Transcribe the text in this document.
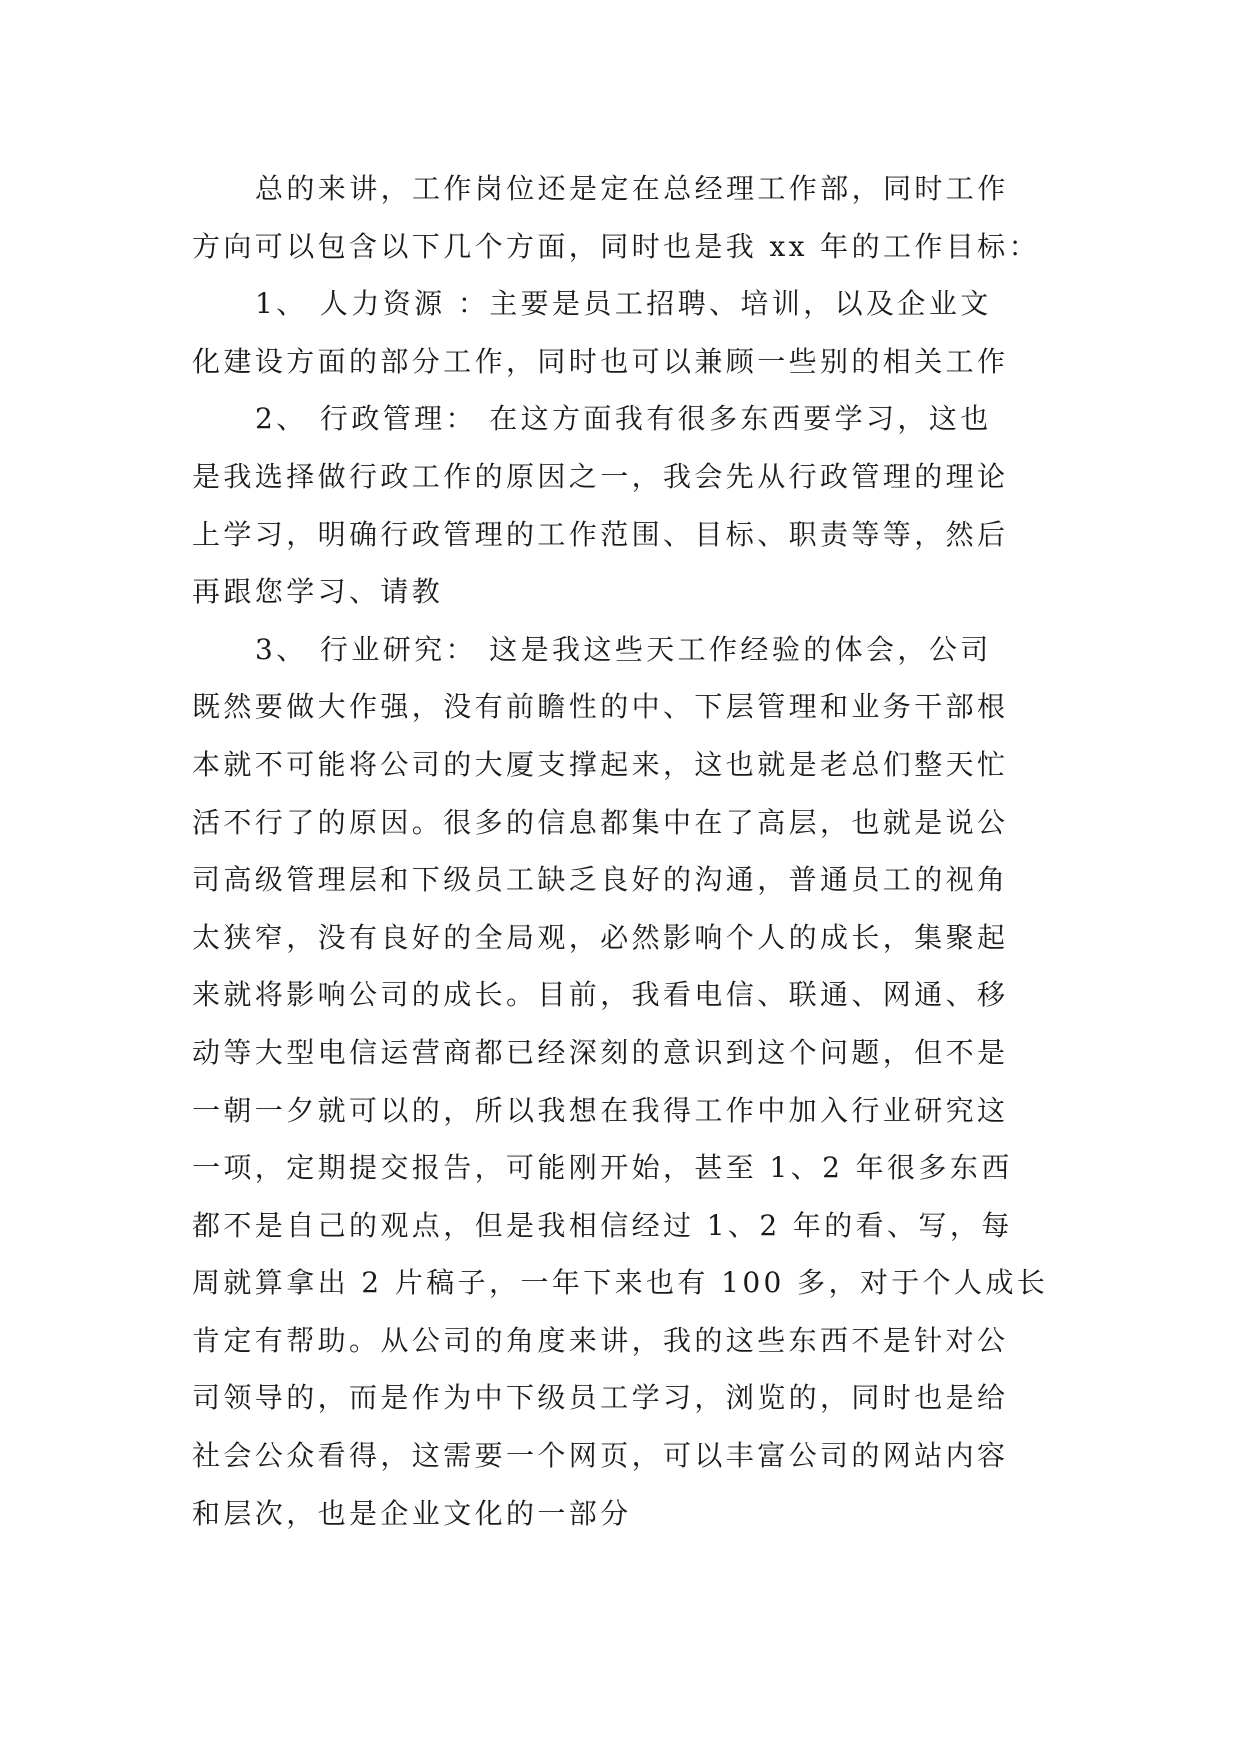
总的来讲，工作岗位还是定在总经理工作部，同时工作
方向可以包含以下几个方面，同时也是我 xx 年的工作目标：
1、 人力资源 ：主要是员工招聘、培训，以及企业文
化建设方面的部分工作，同时也可以兼顾一些别的相关工作
2、 行政管理： 在这方面我有很多东西要学习，这也
是我选择做行政工作的原因之一，我会先从行政管理的理论
上学习，明确行政管理的工作范围、目标、职责等等，然后
再跟您学习、请教
3、 行业研究： 这是我这些天工作经验的体会，公司
既然要做大作强，没有前瞻性的中、下层管理和业务干部根
本就不可能将公司的大厦支撑起来，这也就是老总们整天忙
活不行了的原因。很多的信息都集中在了高层，也就是说公
司高级管理层和下级员工缺乏良好的沟通，普通员工的视角
太狭窄，没有良好的全局观，必然影响个人的成长，集聚起
来就将影响公司的成长。目前，我看电信、联通、网通、移
动等大型电信运营商都已经深刻的意识到这个问题，但不是
一朝一夕就可以的，所以我想在我得工作中加入行业研究这
一项，定期提交报告，可能刚开始，甚至 1、2 年很多东西
都不是自己的观点，但是我相信经过 1、2 年的看、写，每
周就算拿出 2 片稿子，一年下来也有 100 多，对于个人成长
肯定有帮助。从公司的角度来讲，我的这些东西不是针对公
司领导的，而是作为中下级员工学习，浏览的，同时也是给
社会公众看得，这需要一个网页，可以丰富公司的网站内容
和层次，也是企业文化的一部分
